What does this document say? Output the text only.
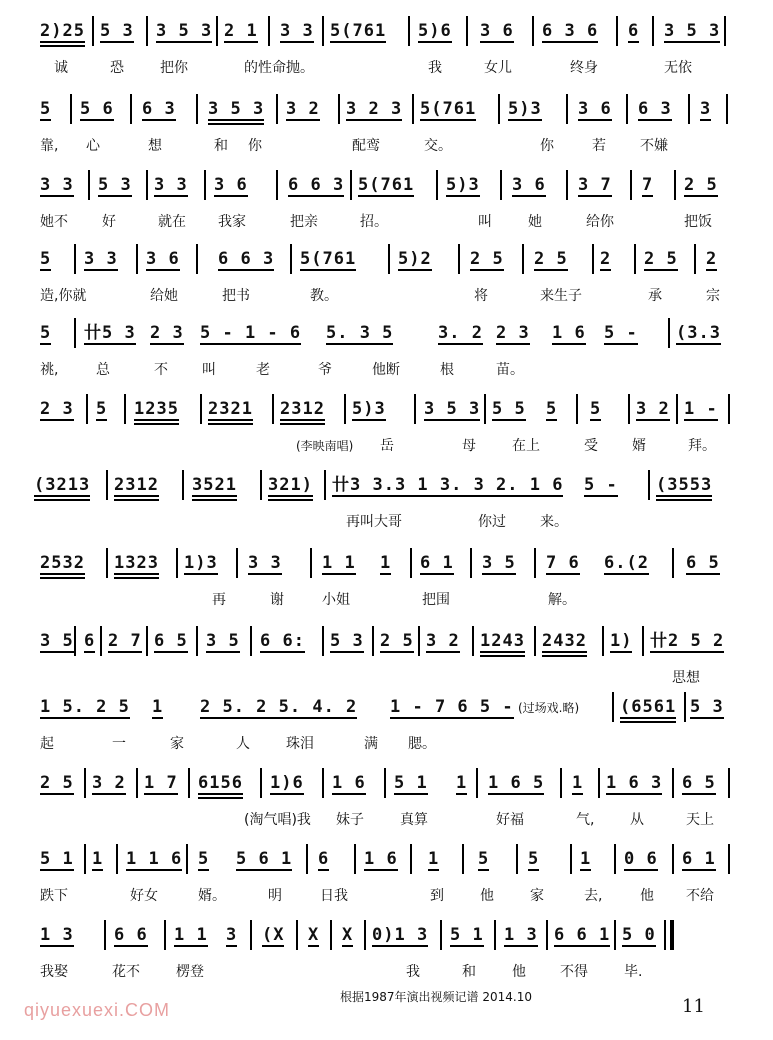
2)25 5 3 3 5 3 2 1 3 3 5(761 5)6 3 6 6 3 6 6 3 5 3
诚	恐	把你	的性命抛。	我	女儿	终身	无依
5 5 6 6 3 3 5 3 3 2 3 2 3 5(761 5)3 3 6 6 3 3
靠, 心	想	和 你	配鸾	交。	你	若 不嫌
3 3 5 3 3 3 3 6 6 6 3 5(761 5)3 3 6 3 7 7 2 5
她不 好	就在 我家	把亲	招。	叫	她	给你	把饭
5 3 3 3 6 6 6 3 5(761 5)2 2 5 2 5 2 2 5 2
造,你就	给她	把书	教。	将	来生子	承	宗
5 卄5 3 2 3 5 - 1 - 6 5. 3 5	3. 2 2 3 1 6 5 - (3.3
祧,	总	不 叫	老	爷	他断	根	苗。
2 3 5 1235 2321 2312 5)3 3 5 3 5 5 5 5 3 2 1 -
(李映南唱) 岳	母	在上	受 婿	拜。
(3213 2312 3521 321) 卄3 3.3 1 3. 3 2. 1 6 5 - (3553
再叫大哥	你过 来。
2532 1323 1)3 3 3 1 1 1 6 1 3 5 7 6 6.(2 6 5
再	谢	小姐	把围	解。
3 5 6 2 7 6 5 3 5 6 6: 5 3 2 5 3 2 1243 2432 1) 卄2 5 2
思想
1 5. 2 5 1 2 5. 2 5. 4. 2 1 - 7 6 5 - (过场戏.略) (6561 5 3
起	一	家	人	珠泪	满 腮。
2 5 3 2 1 7 6156 1)6 1 6 5 1 1 1 6 5 1 1 6 3 6 5
(淘气唱)我 妹子	真算	好福	气,	从	天上
5 1 1 1 1 6 5 5 6 1 6 1 6 1 5 5 1 0 6 6 1
跌下	好女	婿。	明	日我	到	他	家	去,	他 不给
1 3 6 6 1 1 3 (X X X 0)1 3 5 1 1 3 6 6 1 5 0
我娶	花不	楞登	我	和	他 不得	毕.
根据1987年演出视频记谱 2014.10	11
qiyuexuexi.COM
